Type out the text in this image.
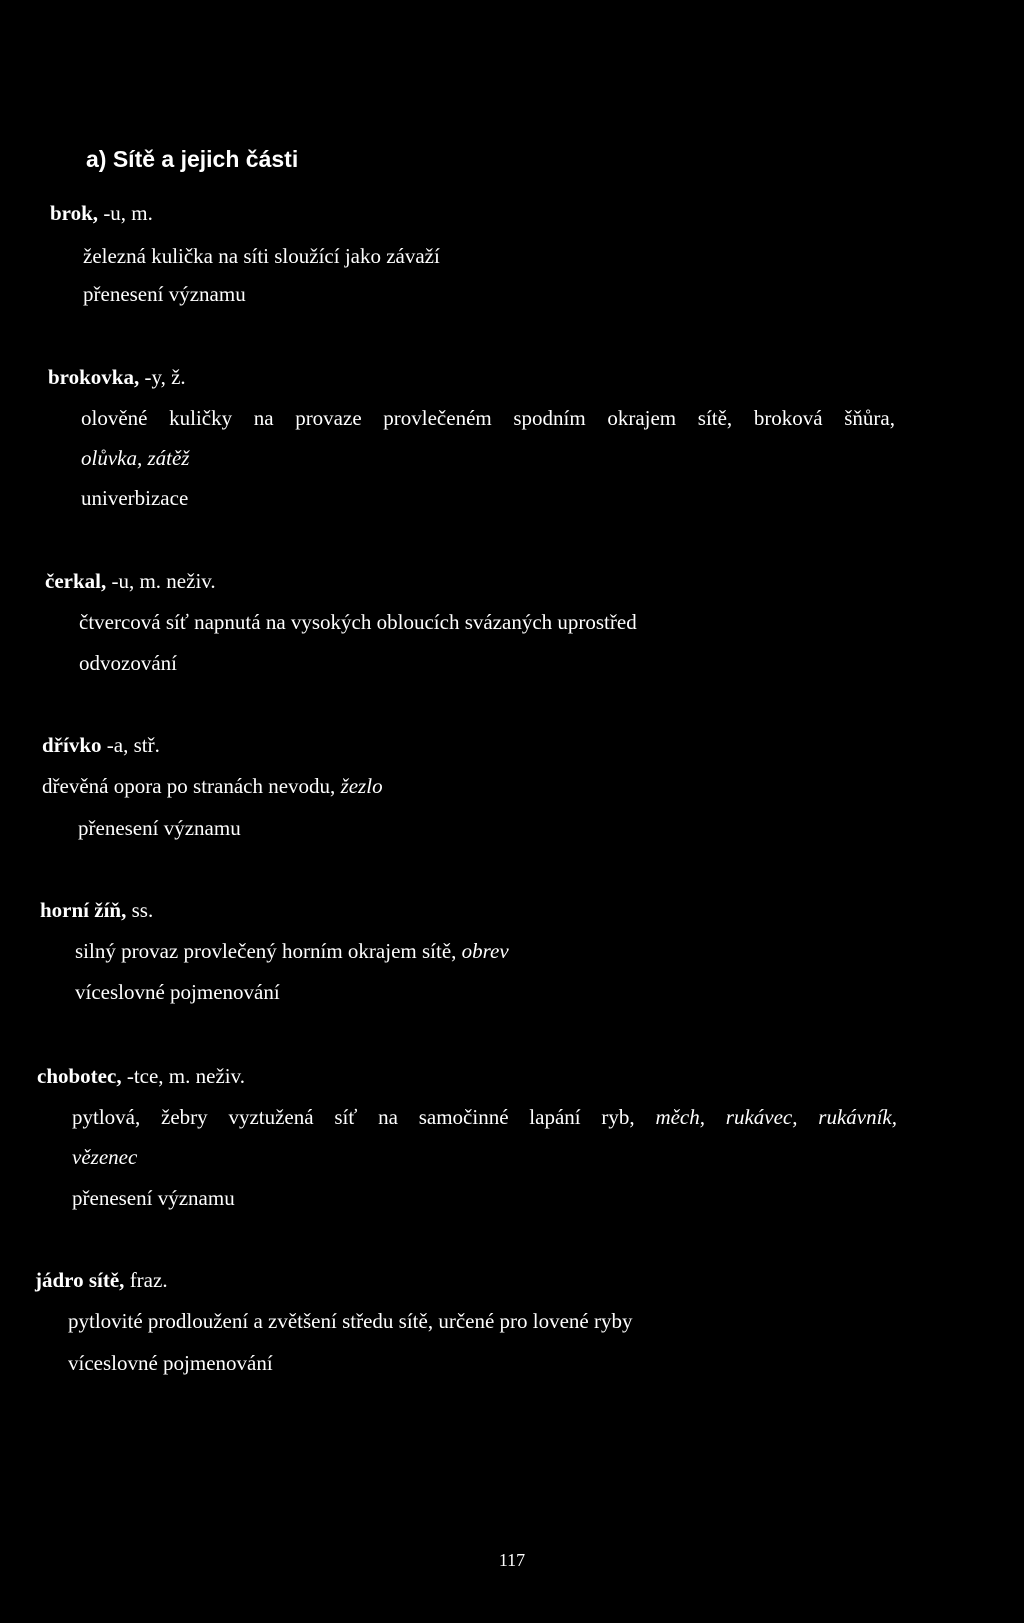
a) Sítě a jejich části
brok, -u, m.
železná kulička na síti sloužící jako závaží
přenesení významu
brokovka, -y, ž.
olověné kuličky na provaze provlečeném spodním okrajem sítě, broková šňůra,
olůvka, zátěž
univerbizace
čerkal, -u, m. neživ.
čtvercová síť napnutá na vysokých obloucích svázaných uprostřed
odvozování
dřívko -a, stř.
dřevěná opora po stranách nevodu, žezlo
přenesení významu
horní žíň, ss.
silný provaz provlečený horním okrajem sítě, obrev
víceslovné pojmenování
chobotec, -tce, m. neživ.
pytlová, žebry vyztužená síť na samočinné lapání ryb, měch, rukávec, rukávník,
vězenec
přenesení významu
jádro sítě, fraz.
pytlovité prodloužení a zvětšení středu sítě, určené pro lovené ryby
víceslovné pojmenování
117
